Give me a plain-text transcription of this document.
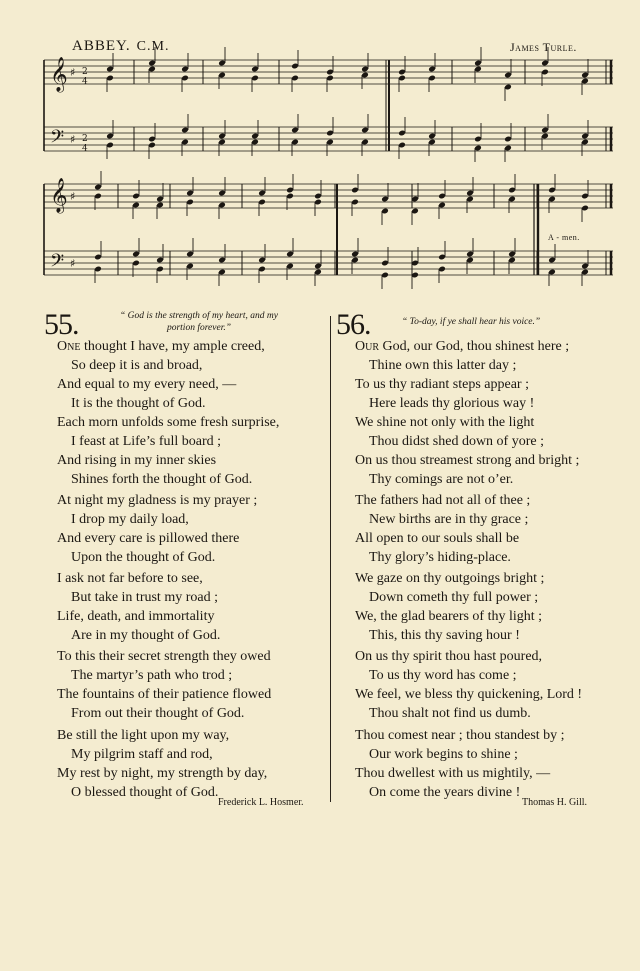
ABBEY. C.M.	James Turle.
𝄞
𝄞
𝄢
𝄢
♯
♯
♯
♯
2
4
2
4
A - men.
55.	“ God is the strength of my heart, and my
portion forever.”
One thought I have, my ample creed,
So deep it is and broad,
And equal to my every need, —
It is the thought of God.
Each morn unfolds some fresh surprise,
I feast at Life’s full board ;
And rising in my inner skies
Shines forth the thought of God.
At night my gladness is my prayer ;
I drop my daily load,
And every care is pillowed there
Upon the thought of God.
I ask not far before to see,
But take in trust my road ;
Life, death, and immortality
Are in my thought of God.
To this their secret strength they owed
The martyr’s path who trod ;
The fountains of their patience flowed
From out their thought of God.
Be still the light upon my way,
My pilgrim staff and rod,
My rest by night, my strength by day,
O blessed thought of God.
Frederick L. Hosmer.
56.	“ To-day, if ye shall hear his voice.”
Our God, our God, thou shinest here ;
Thine own this latter day ;
To us thy radiant steps appear ;
Here leads thy glorious way !
We shine not only with the light
Thou didst shed down of yore ;
On us thou streamest strong and bright ;
Thy comings are not o’er.
The fathers had not all of thee ;
New births are in thy grace ;
All open to our souls shall be
Thy glory’s hiding-place.
We gaze on thy outgoings bright ;
Down cometh thy full power ;
We, the glad bearers of thy light ;
This, this thy saving hour !
On us thy spirit thou hast poured,
To us thy word has come ;
We feel, we bless thy quickening, Lord !
Thou shalt not find us dumb.
Thou comest near ; thou standest by ;
Our work begins to shine ;
Thou dwellest with us mightily, —
On come the years divine !
Thomas H. Gill.
